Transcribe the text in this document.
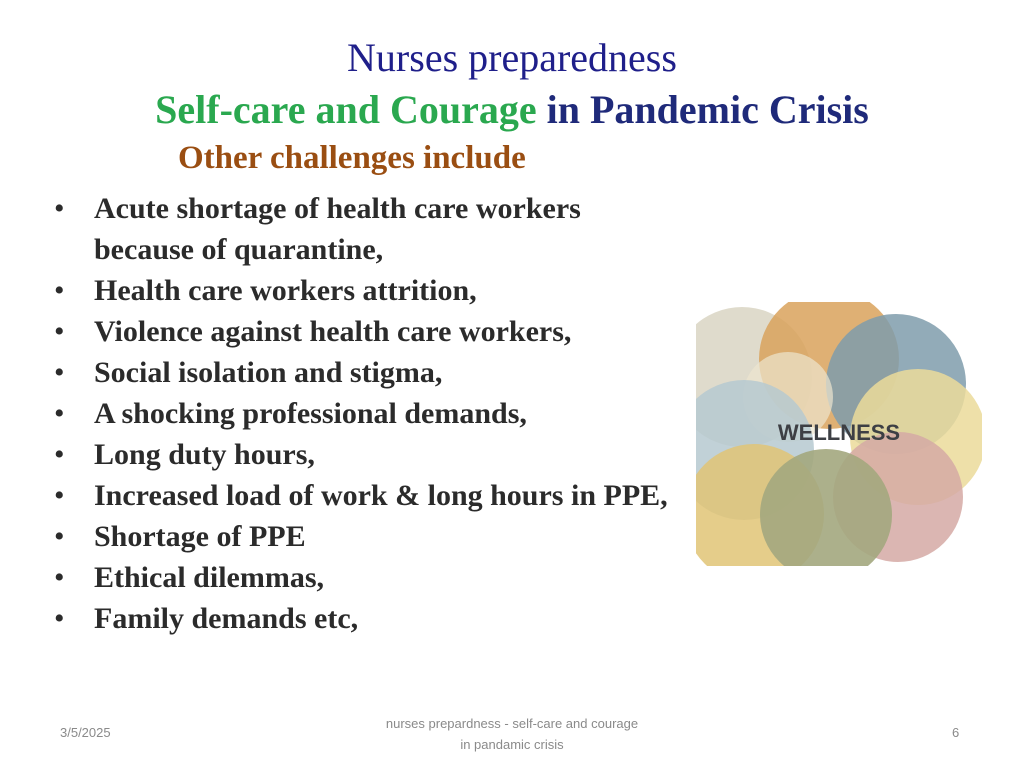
Nurses preparedness
Self-care and Courage in Pandemic Crisis
Other challenges include
• Acute shortage of health care workers because of quarantine,
• Health care workers attrition,
• Violence against health care workers,
• Social isolation and stigma,
• A shocking professional demands,
• Long duty hours,
• Increased load of work & long hours in PPE,
• Shortage of PPE
• Ethical dilemmas,
• Family demands etc,
WELLNESS
3/5/2025
nurses prepardness - self-care and courage
in pandamic crisis
6
